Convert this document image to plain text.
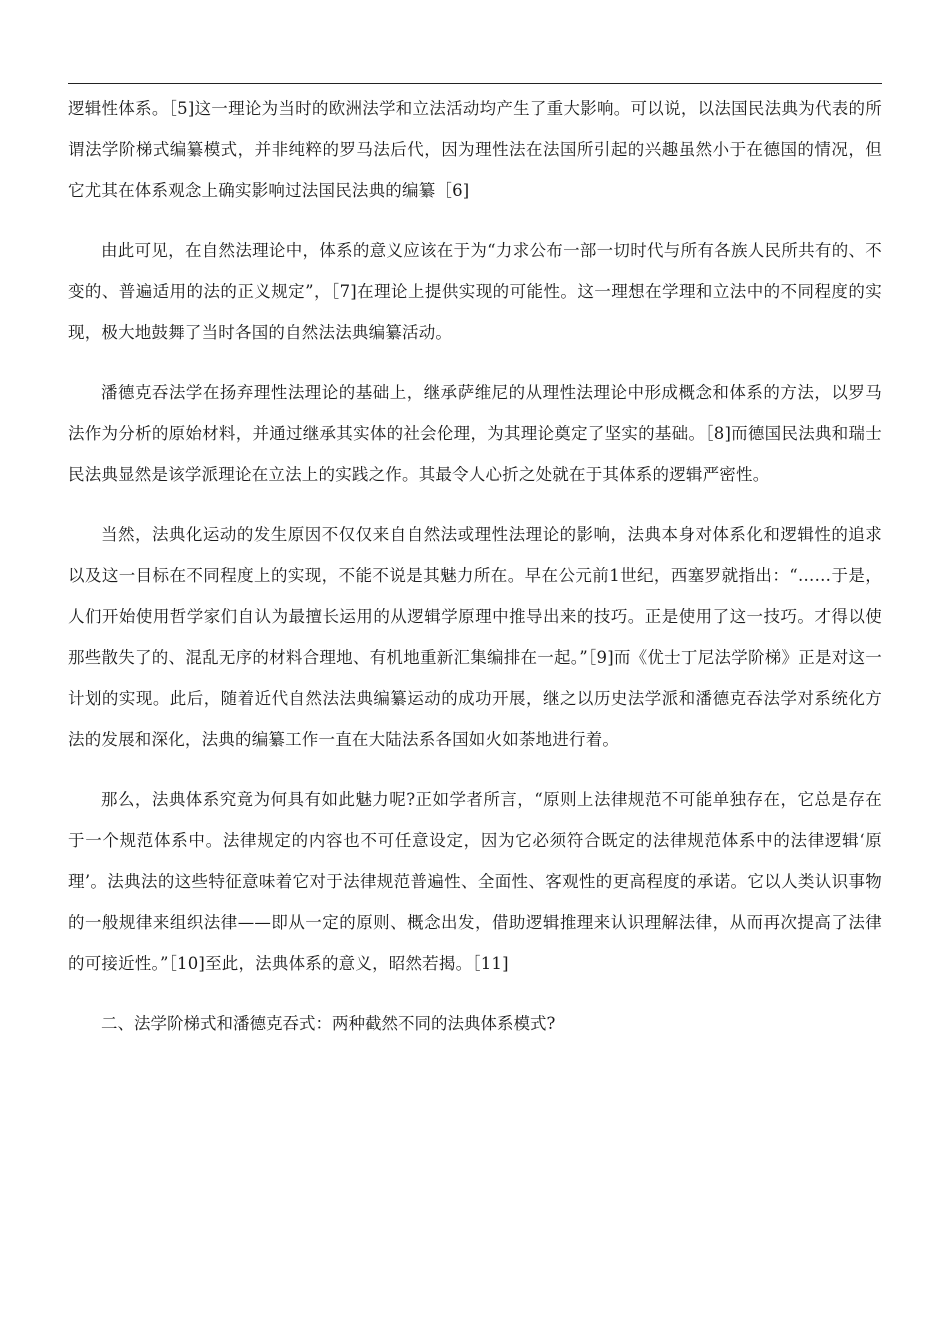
逻辑性体系。［5]这一理论为当时的欧洲法学和立法活动均产生了重大影响。可以说，以法国民法典为代表的所谓法学阶梯式编纂模式，并非纯粹的罗马法后代，因为理性法在法国所引起的兴趣虽然小于在德国的情况，但它尤其在体系观念上确实影响过法国民法典的编纂［6]

由此可见，在自然法理论中，体系的意义应该在于为“力求公布一部一切时代与所有各族人民所共有的、不变的、普遍适用的法的正义规定”，［7]在理论上提供实现的可能性。这一理想在学理和立法中的不同程度的实现，极大地鼓舞了当时各国的自然法法典编纂活动。

潘德克吞法学在扬弃理性法理论的基础上，继承萨维尼的从理性法理论中形成概念和体系的方法，以罗马法作为分析的原始材料，并通过继承其实体的社会伦理，为其理论奠定了坚实的基础。［8]而德国民法典和瑞士民法典显然是该学派理论在立法上的实践之作。其最令人心折之处就在于其体系的逻辑严密性。

当然，法典化运动的发生原因不仅仅来自自然法或理性法理论的影响，法典本身对体系化和逻辑性的追求以及这一目标在不同程度上的实现，不能不说是其魅力所在。早在公元前1世纪，西塞罗就指出：“……于是，人们开始使用哲学家们自认为最擅长运用的从逻辑学原理中推导出来的技巧。正是使用了这一技巧。才得以使那些散失了的、混乱无序的材料合理地、有机地重新汇集编排在一起。”［9]而《优士丁尼法学阶梯》正是对这一计划的实现。此后，随着近代自然法法典编纂运动的成功开展，继之以历史法学派和潘德克吞法学对系统化方法的发展和深化，法典的编纂工作一直在大陆法系各国如火如荼地进行着。

那么，法典体系究竟为何具有如此魅力呢?正如学者所言，“原则上法律规范不可能单独存在，它总是存在于一个规范体系中。法律规定的内容也不可任意设定，因为它必须符合既定的法律规范体系中的法律逻辑‘原理’。法典法的这些特征意味着它对于法律规范普遍性、全面性、客观性的更高程度的承诺。它以人类认识事物的一般规律来组织法律——即从一定的原则、概念出发，借助逻辑推理来认识理解法律，从而再次提高了法律的可接近性。”［10]至此，法典体系的意义，昭然若揭。［11]

二、法学阶梯式和潘德克吞式：两种截然不同的法典体系模式?
